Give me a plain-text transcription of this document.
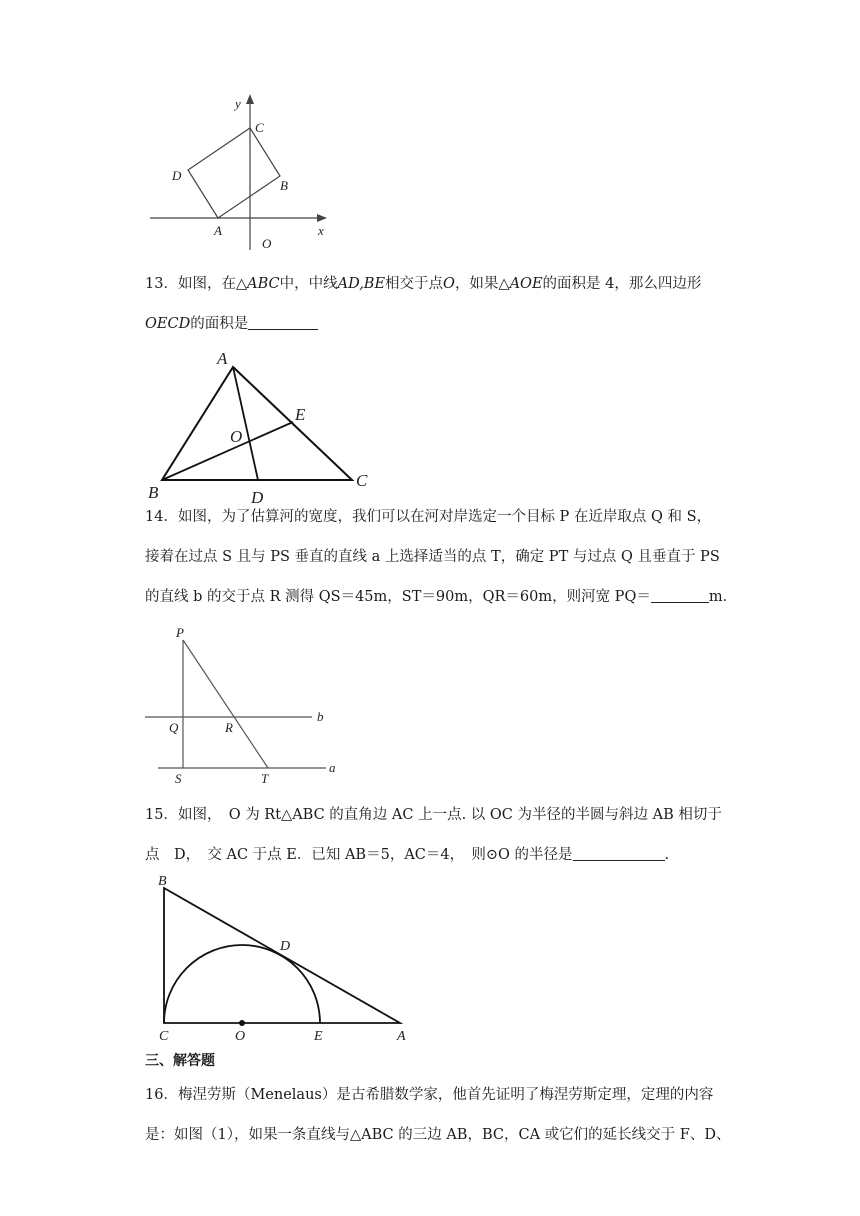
y
x
C
D
B
A
O

13．如图，在△ABC中，中线AD,BE相交于点O，如果△AOE的面积是 4，那么四边形

OECD的面积是

A
E
O
B
C
D

14．如图，为了估算河的宽度，我们可以在河对岸选定一个目标 P 在近岸取点 Q 和 S，

接着在过点 S 且与 PS 垂直的直线 a 上选择适当的点 T，确定 PT 与过点 Q 且垂直于 PS

的直线 b 的交于点 R 测得 QS＝45m，ST＝90m，QR＝60m，则河宽 PQ＝	m．

P
Q	R
b
S	T
a

15．如图，　O 为 Rt△ABC 的直角边 AC 上一点. 以 OC 为半径的半圆与斜边 AB 相切于

点　D，　交 AC 于点 E．已知 AB＝5，AC＝4，　则⊙O 的半径是	.

B
D
C	O	E	A
三、解答题

16．梅涅劳斯（Menelaus）是古希腊数学家，他首先证明了梅涅劳斯定理，定理的内容

是：如图（1），如果一条直线与△ABC 的三边 AB，BC，CA 或它们的延长线交于 F、D、
